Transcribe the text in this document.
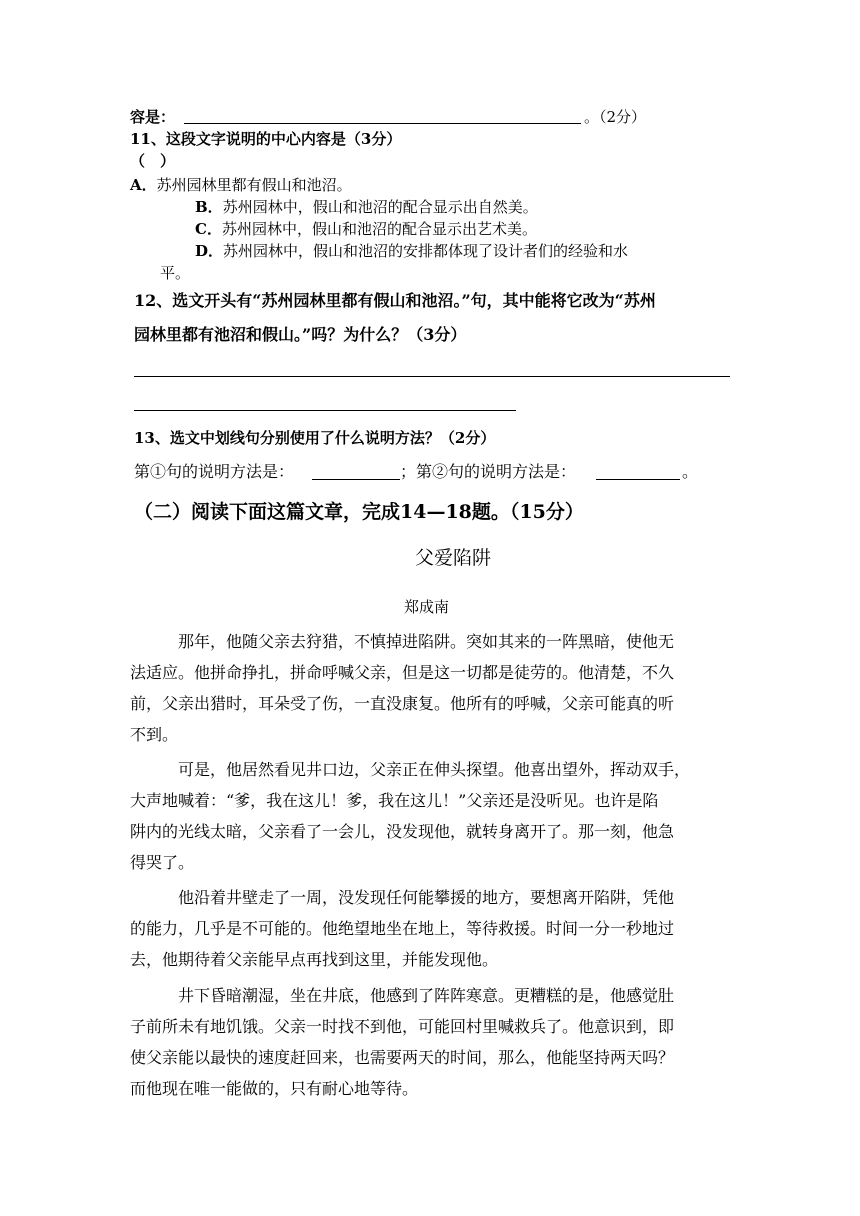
容是：	。（2分）
11、这段文字说明的中心内容是（3分）
（　）
A．苏州园林里都有假山和池沼。
B．苏州园林中，假山和池沼的配合显示出自然美。
C．苏州园林中，假山和池沼的配合显示出艺术美。
D．苏州园林中，假山和池沼的安排都体现了设计者们的经验和水
平。
12、选文开头有“苏州园林里都有假山和池沼。”句，其中能将它改为“苏州
园林里都有池沼和假山。”吗？为什么？（3分）
13、选文中划线句分别使用了什么说明方法？（2分）
第①句的说明方法是：	；第②句的说明方法是：	。
（二）阅读下面这篇文章，完成14—18题。（15分）
父爱陷阱
郑成南
那年，他随父亲去狩猎，不慎掉进陷阱。突如其来的一阵黑暗，使他无
法适应。他拼命挣扎，拼命呼喊父亲，但是这一切都是徒劳的。他清楚，不久
前，父亲出猎时，耳朵受了伤，一直没康复。他所有的呼喊，父亲可能真的听
不到。
可是，他居然看见井口边，父亲正在伸头探望。他喜出望外，挥动双手，
大声地喊着：“爹，我在这儿！爹，我在这儿！”父亲还是没听见。也许是陷
阱内的光线太暗，父亲看了一会儿，没发现他，就转身离开了。那一刻，他急
得哭了。
他沿着井壁走了一周，没发现任何能攀援的地方，要想离开陷阱，凭他
的能力，几乎是不可能的。他绝望地坐在地上，等待救援。时间一分一秒地过
去，他期待着父亲能早点再找到这里，并能发现他。
井下昏暗潮湿，坐在井底，他感到了阵阵寒意。更糟糕的是，他感觉肚
子前所未有地饥饿。父亲一时找不到他，可能回村里喊救兵了。他意识到，即
使父亲能以最快的速度赶回来，也需要两天的时间，那么，他能坚持两天吗？
而他现在唯一能做的，只有耐心地等待。
